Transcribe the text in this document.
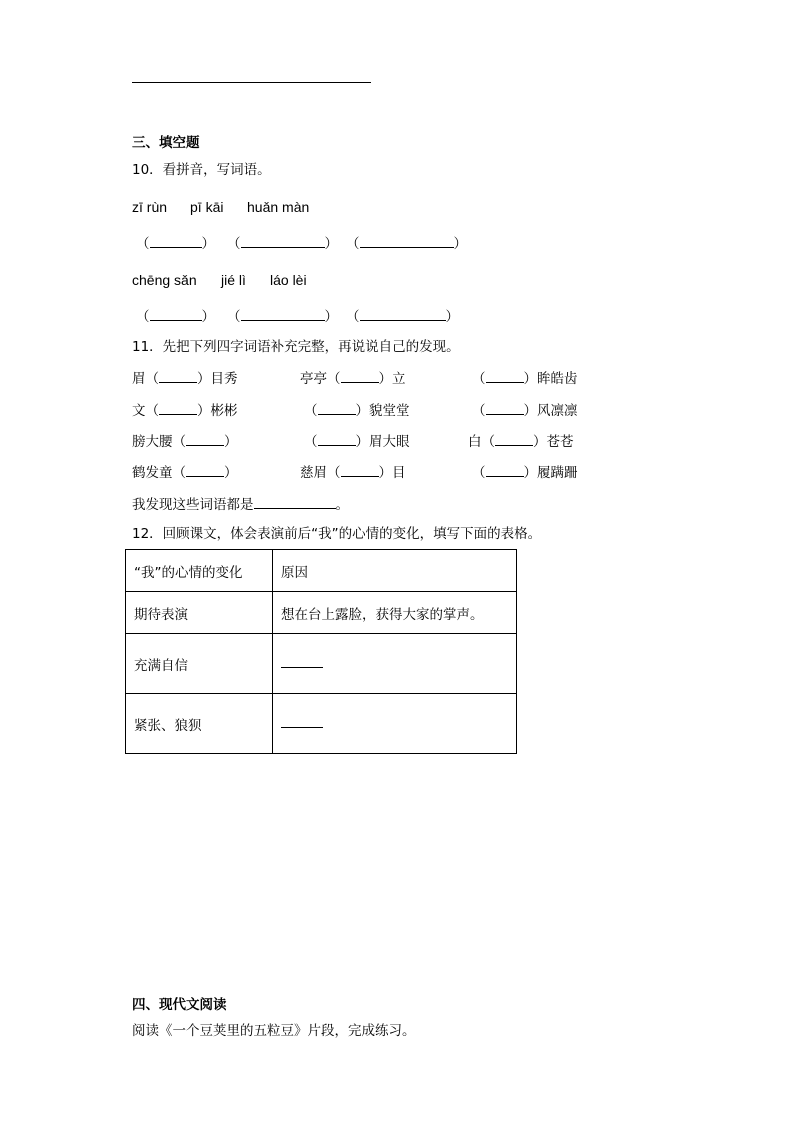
三、填空题
10．看拼音，写词语。
zī rùn pī kāi huǎn màn
（	） （	） （	）
chēng sǎn jié lì láo lèi
（	） （	） （	）
11．先把下列四字词语补充完整，再说说自己的发现。
眉（	）目秀	亭亭（	）立	（	）眸皓齿
文（	）彬彬	（	）貌堂堂	（	）风凛凛
膀大腰（	）	（	）眉大眼	白（	）苍苍
鹤发童（	）	慈眉（	）目	（	）履蹒跚
我发现这些词语都是	。
12．回顾课文，体会表演前后“我”的心情的变化，填写下面的表格。
“我”的心情的变化	原因
期待表演	想在台上露脸，获得大家的掌声。
充满自信	
紧张、狼狈	
四、现代文阅读
阅读《一个豆荚里的五粒豆》片段，完成练习。
